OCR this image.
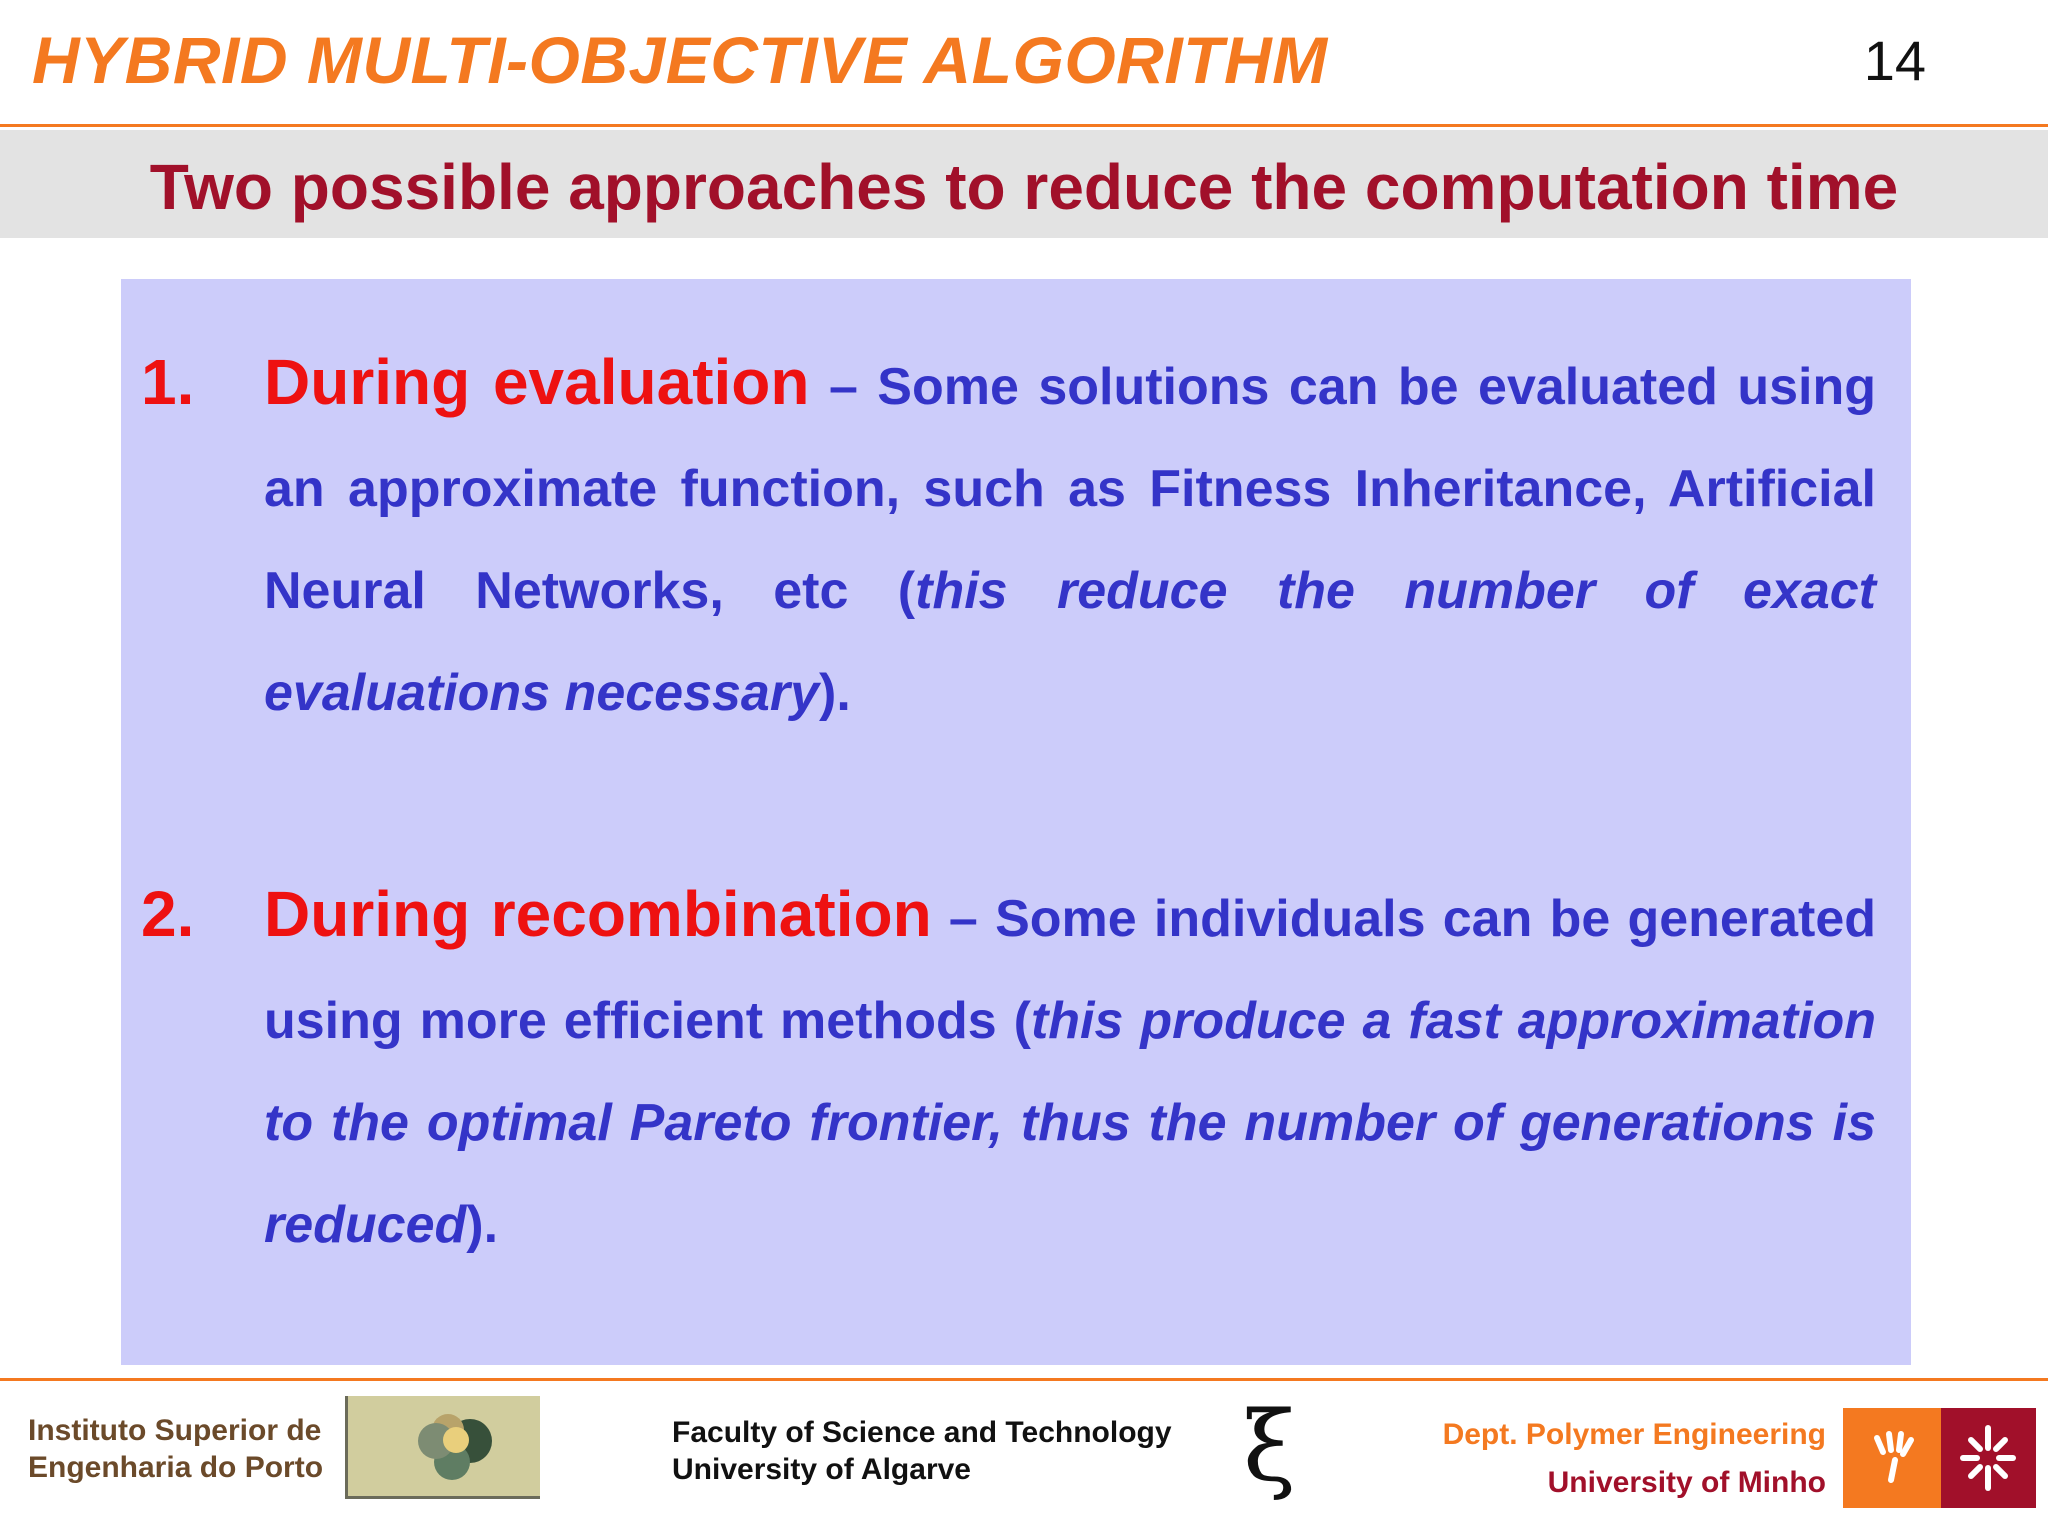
HYBRID MULTI-OBJECTIVE ALGORITHM	14
Two possible approaches to reduce the computation time
1. During evaluation – Some solutions can be evaluated using an approximate function, such as Fitness Inheritance, Artificial Neural Networks, etc (this reduce the number of exact evaluations necessary).
2. During recombination – Some individuals can be generated using more efficient methods (this produce a fast approximation to the optimal Pareto frontier, thus the number of generations is reduced).
Instituto Superior de
Engenharia do Porto
Faculty of Science and Technology
University of Algarve	ξ	Dept. Polymer Engineering
University of Minho
